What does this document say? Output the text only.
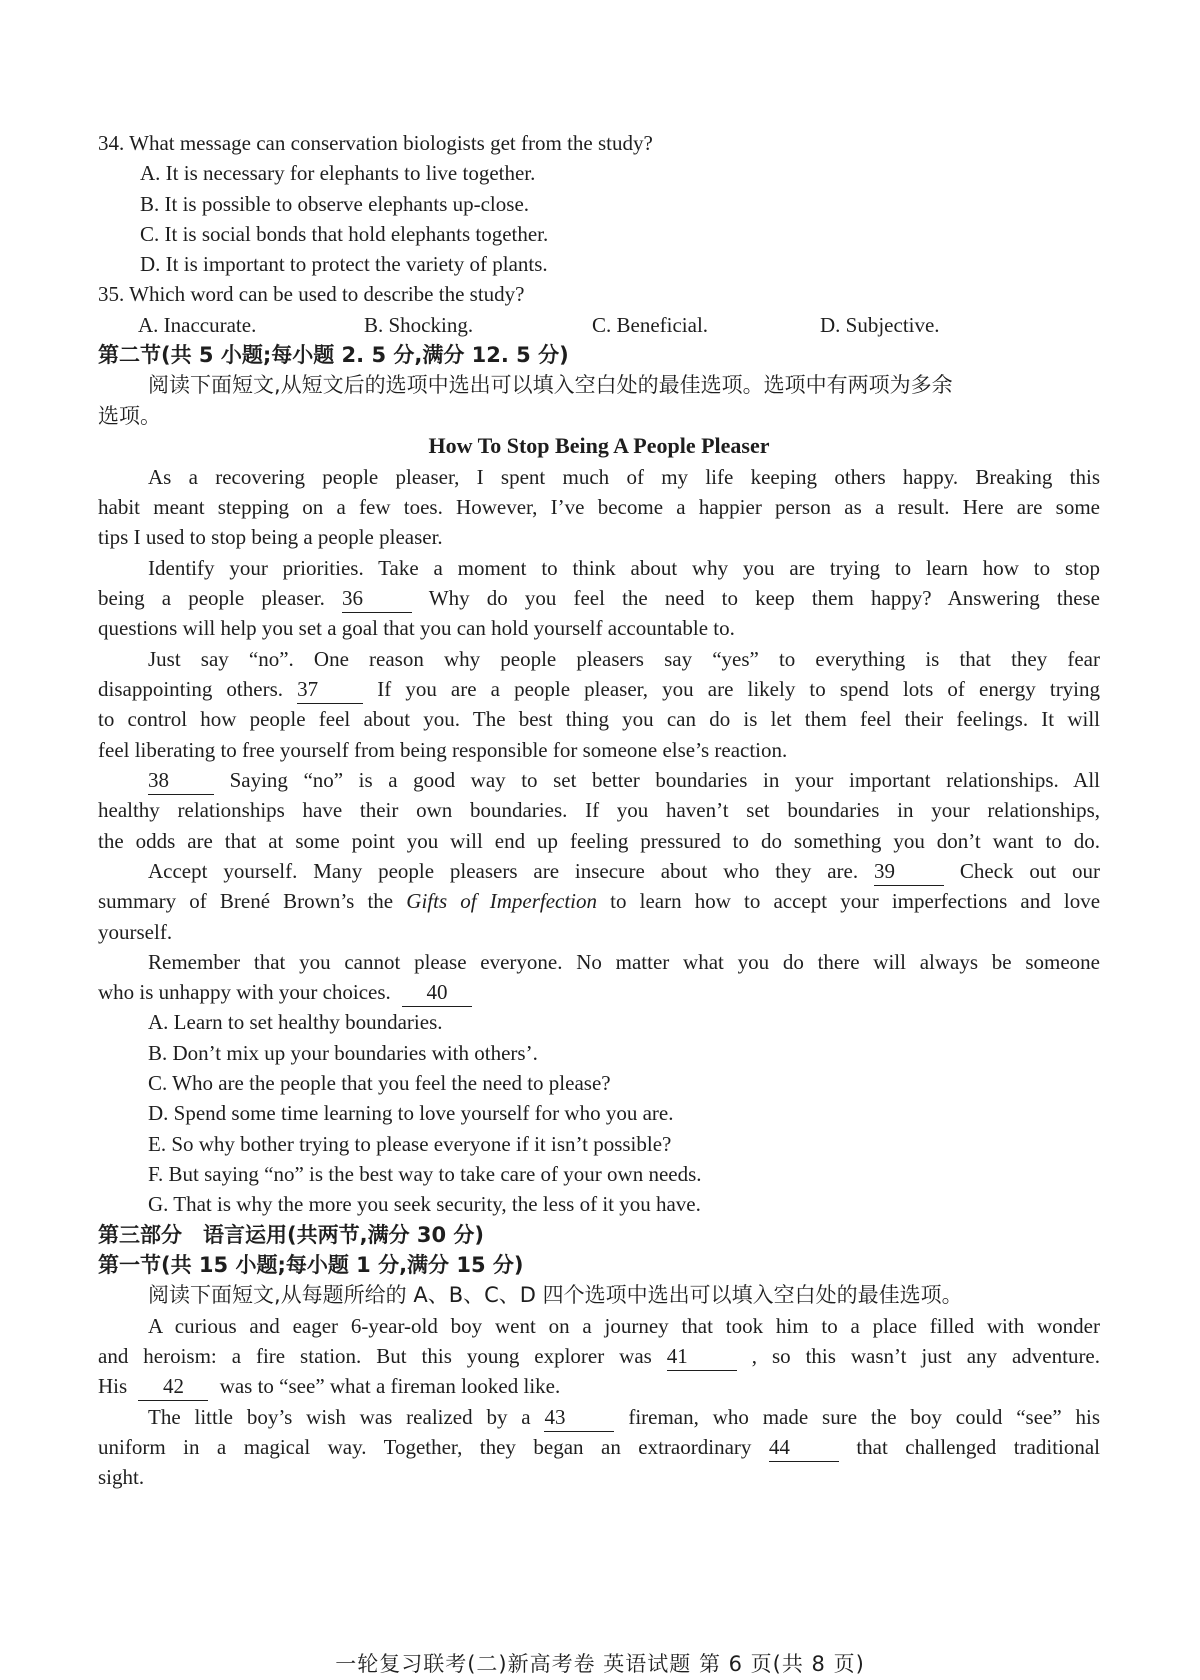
34. What message can conservation biologists get from the study?
A. It is necessary for elephants to live together.
B. It is possible to observe elephants up-close.
C. It is social bonds that hold elephants together.
D. It is important to protect the variety of plants.
35. Which word can be used to describe the study?
A. Inaccurate.	B. Shocking.	C. Beneficial.	D. Subjective.
第二节(共 5 小题;每小题 2. 5 分,满分 12. 5 分)
阅读下面短文,从短文后的选项中选出可以填入空白处的最佳选项。选项中有两项为多余
选项。
How To Stop Being A People Pleaser
As a recovering people pleaser, I spent much of my life keeping others happy. Breaking this
habit meant stepping on a few toes. However, I’ve become a happier person as a result. Here are some
tips I used to stop being a people pleaser.
Identify your priorities. Take a moment to think about why you are trying to learn how to stop
being a people pleaser. 36	Why do you feel the need to keep them happy? Answering these
questions will help you set a goal that you can hold yourself accountable to.
Just say “no”. One reason why people pleasers say “yes” to everything is that they fear
disappointing others. 37	If you are a people pleaser, you are likely to spend lots of energy trying
to control how people feel about you. The best thing you can do is let them feel their feelings. It will
feel liberating to free yourself from being responsible for someone else’s reaction.
38	Saying “no” is a good way to set better boundaries in your important relationships. All
healthy relationships have their own boundaries. If you haven’t set boundaries in your relationships,
the odds are that at some point you will end up feeling pressured to do something you don’t want to do.
Accept yourself. Many people pleasers are insecure about who they are. 39	Check out our
summary of Brené Brown’s the Gifts of Imperfection to learn how to accept your imperfections and love
yourself.
Remember that you cannot please everyone. No matter what you do there will always be someone
who is unhappy with your choices. 40
A. Learn to set healthy boundaries.
B. Don’t mix up your boundaries with others’.
C. Who are the people that you feel the need to please?
D. Spend some time learning to love yourself for who you are.
E. So why bother trying to please everyone if it isn’t possible?
F. But saying “no” is the best way to take care of your own needs.
G. That is why the more you seek security, the less of it you have.
第三部分　语言运用(共两节,满分 30 分)
第一节(共 15 小题;每小题 1 分,满分 15 分)
阅读下面短文,从每题所给的 A、B、C、D 四个选项中选出可以填入空白处的最佳选项。
A curious and eager 6-year-old boy went on a journey that took him to a place filled with wonder
and heroism: a fire station. But this young explorer was 41	, so this wasn’t just any adventure.
His 42 was to “see” what a fireman looked like.
The little boy’s wish was realized by a 43	fireman, who made sure the boy could “see” his
uniform in a magical way. Together, they began an extraordinary 44	that challenged traditional
sight.
一轮复习联考(二)新高考卷 英语试题 第 6 页(共 8 页)
